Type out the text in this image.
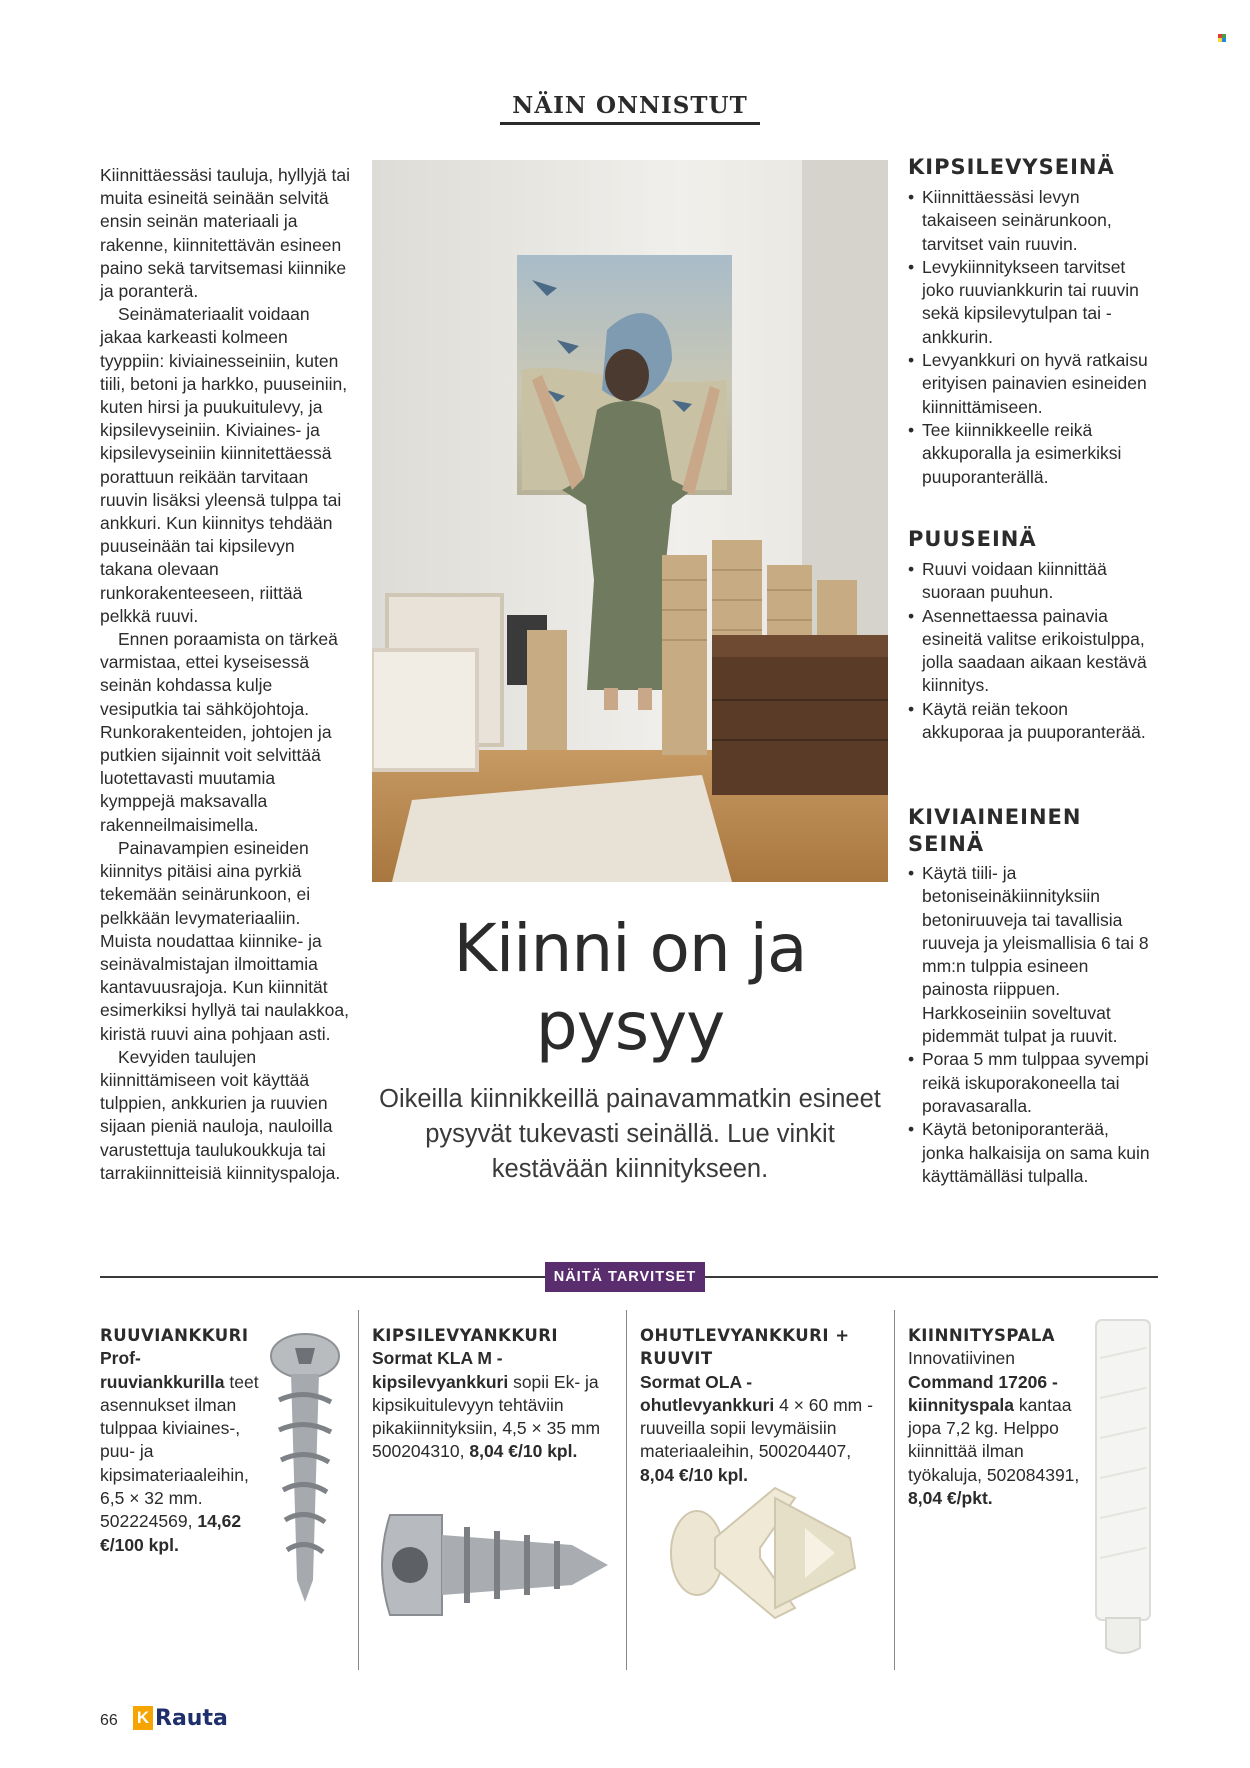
NÄIN ONNISTUT

Kiinnittäessäsi tauluja, hyllyjä tai muita esineitä seinään selvitä ensin seinän materiaali ja rakenne, kiinnitettävän esineen paino sekä tarvitsemasi kiinnike ja poranterä.

Seinämateriaalit voidaan jakaa karkeasti kolmeen tyyppiin: kiviainesseiniin, kuten tiili, betoni ja harkko, puuseiniin, kuten hirsi ja puukuitulevy, ja kipsilevyseiniin. Kiviaines- ja kipsilevyseiniin kiinnitettäessä porattuun reikään tarvitaan ruuvin lisäksi yleensä tulppa tai ankkuri. Kun kiinnitys tehdään puuseinään tai kipsilevyn takana olevaan runkorakenteeseen, riittää pelkkä ruuvi.

Ennen poraamista on tärkeä varmistaa, ettei kyseisessä seinän kohdassa kulje vesiputkia tai sähköjohtoja. Runkorakenteiden, johtojen ja putkien sijainnit voit selvittää luotettavasti muutamia kymppejä maksavalla rakenneilmaisimella.

Painavampien esineiden kiinnitys pitäisi aina pyrkiä tekemään seinärunkoon, ei pelkkään levymateriaaliin. Muista noudattaa kiinnike- ja seinävalmistajan ilmoittamia kantavuusrajoja. Kun kiinnität esimerkiksi hyllyä tai naulakkoa, kiristä ruuvi aina pohjaan asti.

Kevyiden taulujen kiinnittämiseen voit käyttää tulppien, ankkurien ja ruuvien sijaan pieniä nauloja, nauloilla varustettuja taulukoukkuja tai tarrakiinnitteisiä kiinnityspaloja.

Kiinni on ja
pysyy
Oikeilla kiinnikkeillä painavammatkin esineet pysyvät tukevasti seinällä. Lue vinkit kestävään kiinnitykseen.
KIPSILEVYSEINÄ
• Kiinnittäessäsi levyn takaiseen seinärunkoon, tarvitset vain ruuvin.
• Levykiinnitykseen tarvitset joko ruuviankkurin tai ruuvin sekä kipsilevytulpan tai -ankkurin.
• Levyankkuri on hyvä ratkaisu erityisen painavien esineiden kiinnittämiseen.
• Tee kiinnikkeelle reikä akkuporalla ja esimerkiksi puuporanterällä.
PUUSEINÄ
• Ruuvi voidaan kiinnittää suoraan puuhun.
• Asennettaessa painavia esineitä valitse erikoistulppa, jolla saadaan aikaan kestävä kiinnitys.
• Käytä reiän tekoon akkuporaa ja puuporanterää.
KIVIAINEINEN
SEINÄ
• Käytä tiili- ja betoniseinäkiinnityksiin betoniruuveja tai tavallisia ruuveja ja yleismallisia 6 tai 8 mm:n tulppia esineen painosta riippuen. Harkkoseiniin soveltuvat pidemmät tulpat ja ruuvit.
• Poraa 5 mm tulppaa syvempi reikä iskuporakoneella tai poravasaralla.
• Käytä betoniporanterää, jonka halkaisija on sama kuin käyttämälläsi tulpalla.
NÄITÄ TARVITSET
RUUVIANKKURI
Prof-ruuviankkurilla teet asennukset ilman tulppaa kiviaines-, puu- ja kipsimateriaaleihin, 6,5 × 32 mm. 502224569, 14,62 €/100 kpl.
KIPSILEVYANKKURI
Sormat KLA M -kipsilevyankkuri sopii Ek- ja kipsikuitulevyyn tehtäviin pikakiinnityksiin, 4,5 × 35 mm 500204310, 8,04 €/10 kpl.
OHUTLEVYANKKURI + RUUVIT
Sormat OLA -ohutlevyankkuri 4 × 60 mm -ruuveilla sopii levymäisiin materiaaleihin, 500204407, 8,04 €/10 kpl.
KIINNITYSPALA
Innovatiivinen Command 17206 -kiinnityspala kantaa jopa 7,2 kg. Helppo kiinnittää ilman työkaluja, 502084391, 8,04 €/pkt.
66 K Rauta
